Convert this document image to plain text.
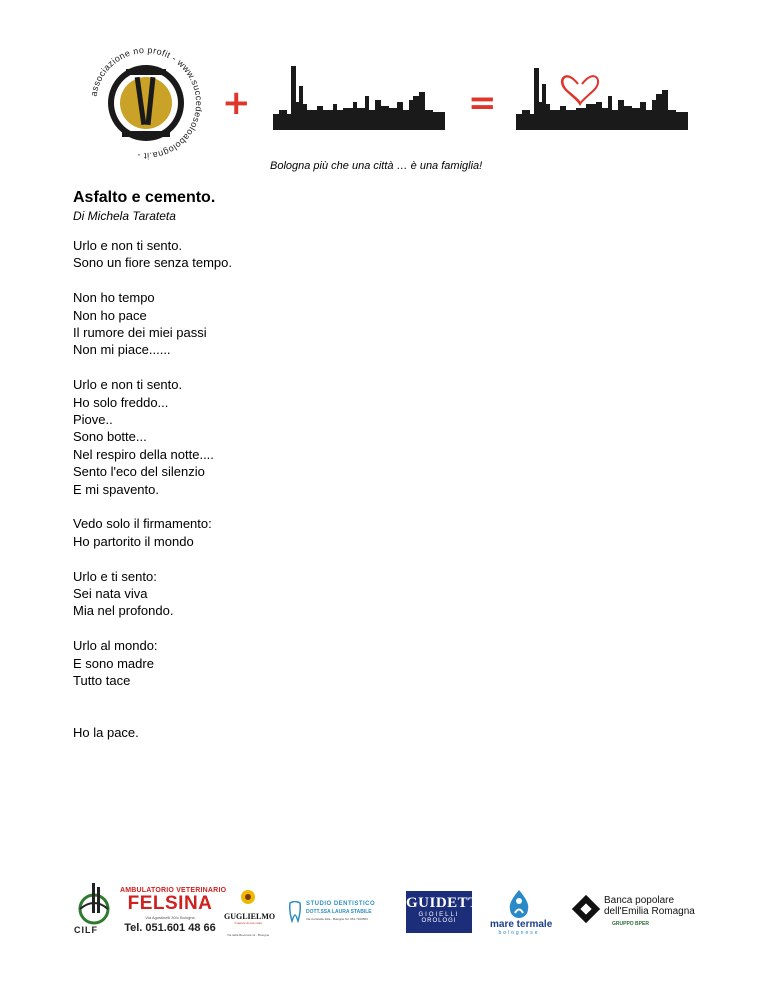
associazione no profit - www.succedesoloabologna.it -
+	=
Bologna più che una città … è una famiglia!
Asfalto e cemento.
Di Michela Tarateta
Urlo e non ti sento.
Sono un fiore senza tempo.
Non ho tempo
Non ho pace
Il rumore dei miei passi
Non mi piace......
Urlo e non ti sento.
Ho solo freddo...
Piove..
Sono botte...
Nel respiro della notte....
Sento l'eco del silenzio
E mi spavento.
Vedo solo il firmamento:
Ho partorito il mondo
Urlo e ti sento:
Sei nata viva
Mia nel profondo.
Urlo al mondo:
E sono madre
Tutto tace
Ho la pace.
CILF
AMBULATORIO VETERINARIO
FELSINA
Via Agostinelli 30/c Bologna
Tel. 051.601 48 66
GUGLIELMO
il sapore di una volta
Via della Beverara 11 - Bologna
STUDIO DENTISTICO
DOTT.SSA LAURA STABILE
Via Corticella 10/a - Bologna Tel. 051 7100503
GUIDETTI
GIOIELLI
OROLOGI	mare termale
bolognese
Banca popolare
dell'Emilia Romagna
GRUPPO BPER
